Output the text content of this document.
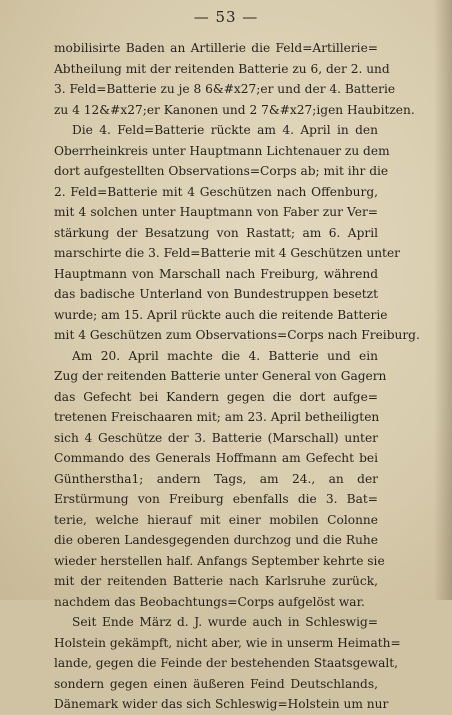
— 53 —
mobilisirte Baden an Artillerie die Feld=Artillerie=
Abtheilung mit der reitenden Batterie zu 6, der 2. und
3. Feld=Batterie zu je 8 6&#x27;er und der 4. Batterie
zu 4 12&#x27;er Kanonen und 2 7&#x27;igen Haubitzen.
Die 4. Feld=Batterie rückte am 4. April in den
Oberrheinkreis unter Hauptmann Lichtenauer zu dem
dort aufgestellten Observations=Corps ab; mit ihr die
2. Feld=Batterie mit 4 Geschützen nach Offenburg,
mit 4 solchen unter Hauptmann von Faber zur Ver=
stärkung der Besatzung von Rastatt; am 6. April
marschirte die 3. Feld=Batterie mit 4 Geschützen unter
Hauptmann von Marschall nach Freiburg, während
das badische Unterland von Bundestruppen besetzt
wurde; am 15. April rückte auch die reitende Batterie
mit 4 Geschützen zum Observations=Corps nach Freiburg.
Am 20. April machte die 4. Batterie und ein
Zug der reitenden Batterie unter General von Gagern
das Gefecht bei Kandern gegen die dort aufge=
tretenen Freischaaren mit; am 23. April betheiligten
sich 4 Geschütze der 3. Batterie (Marschall) unter
Commando des Generals Hoffmann am Gefecht bei
Güntherstha1; andern Tags, am 24., an der
Erstürmung von Freiburg ebenfalls die 3. Bat=
terie, welche hierauf mit einer mobilen Colonne
die oberen Landesgegenden durchzog und die Ruhe
wieder herstellen half. Anfangs September kehrte sie
mit der reitenden Batterie nach Karlsruhe zurück,
nachdem das Beobachtungs=Corps aufgelöst war.
Seit Ende März d. J. wurde auch in Schleswig=
Holstein gekämpft, nicht aber, wie in unserm Heimath=
lande, gegen die Feinde der bestehenden Staatsgewalt,
sondern gegen einen äußeren Feind Deutschlands,
Dänemark wider das sich Schleswig=Holstein um nur
